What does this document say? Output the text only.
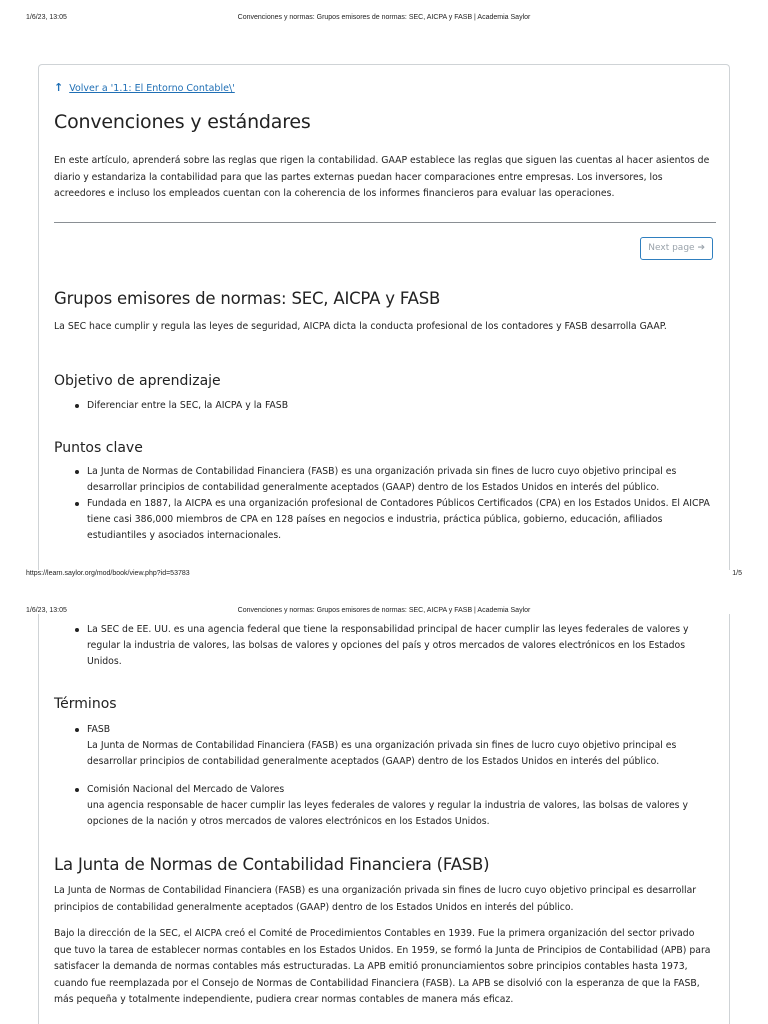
1/6/23, 13:05	Convenciones y normas: Grupos emisores de normas: SEC, AICPA y FASB | Academia Saylor
↑ Volver a '1.1: El Entorno Contable\'
Convenciones y estándares

En este artículo, aprenderá sobre las reglas que rigen la contabilidad. GAAP establece las reglas que siguen las cuentas al hacer asientos de diario y estandariza la contabilidad para que las partes externas puedan hacer comparaciones entre empresas. Los inversores, los acreedores e incluso los empleados cuentan con la coherencia de los informes financieros para evaluar las operaciones.

Next page ➔
Grupos emisores de normas: SEC, AICPA y FASB

La SEC hace cumplir y regula las leyes de seguridad, AICPA dicta la conducta profesional de los contadores y FASB desarrolla GAAP.

Objetivo de aprendizaje
Diferenciar entre la SEC, la AICPA y la FASB
Puntos clave
La Junta de Normas de Contabilidad Financiera (FASB) es una organización privada sin fines de lucro cuyo objetivo principal es desarrollar principios de contabilidad generalmente aceptados (GAAP) dentro de los Estados Unidos en interés del público.
Fundada en 1887, la AICPA es una organización profesional de Contadores Públicos Certificados (CPA) en los Estados Unidos. El AICPA tiene casi 386,000 miembros de CPA en 128 países en negocios e industria, práctica pública, gobierno, educación, afiliados estudiantiles y asociados internacionales.
https://learn.saylor.org/mod/book/view.php?id=53783	1/5
1/6/23, 13:05	Convenciones y normas: Grupos emisores de normas: SEC, AICPA y FASB | Academia Saylor
La SEC de EE. UU. es una agencia federal que tiene la responsabilidad principal de hacer cumplir las leyes federales de valores y regular la industria de valores, las bolsas de valores y opciones del país y otros mercados de valores electrónicos en los Estados Unidos.
Términos
FASB
La Junta de Normas de Contabilidad Financiera (FASB) es una organización privada sin fines de lucro cuyo objetivo principal es desarrollar principios de contabilidad generalmente aceptados (GAAP) dentro de los Estados Unidos en interés del público.
Comisión Nacional del Mercado de Valores
una agencia responsable de hacer cumplir las leyes federales de valores y regular la industria de valores, las bolsas de valores y opciones de la nación y otros mercados de valores electrónicos en los Estados Unidos.
La Junta de Normas de Contabilidad Financiera (FASB)

La Junta de Normas de Contabilidad Financiera (FASB) es una organización privada sin fines de lucro cuyo objetivo principal es desarrollar principios de contabilidad generalmente aceptados (GAAP) dentro de los Estados Unidos en interés del público.

Bajo la dirección de la SEC, el AICPA creó el Comité de Procedimientos Contables en 1939. Fue la primera organización del sector privado que tuvo la tarea de establecer normas contables en los Estados Unidos. En 1959, se formó la Junta de Principios de Contabilidad (APB) para satisfacer la demanda de normas contables más estructuradas. La APB emitió pronunciamientos sobre principios contables hasta 1973, cuando fue reemplazada por el Consejo de Normas de Contabilidad Financiera (FASB). La APB se disolvió con la esperanza de que la FASB, más pequeña y totalmente independiente, pudiera crear normas contables de manera más eficaz.
